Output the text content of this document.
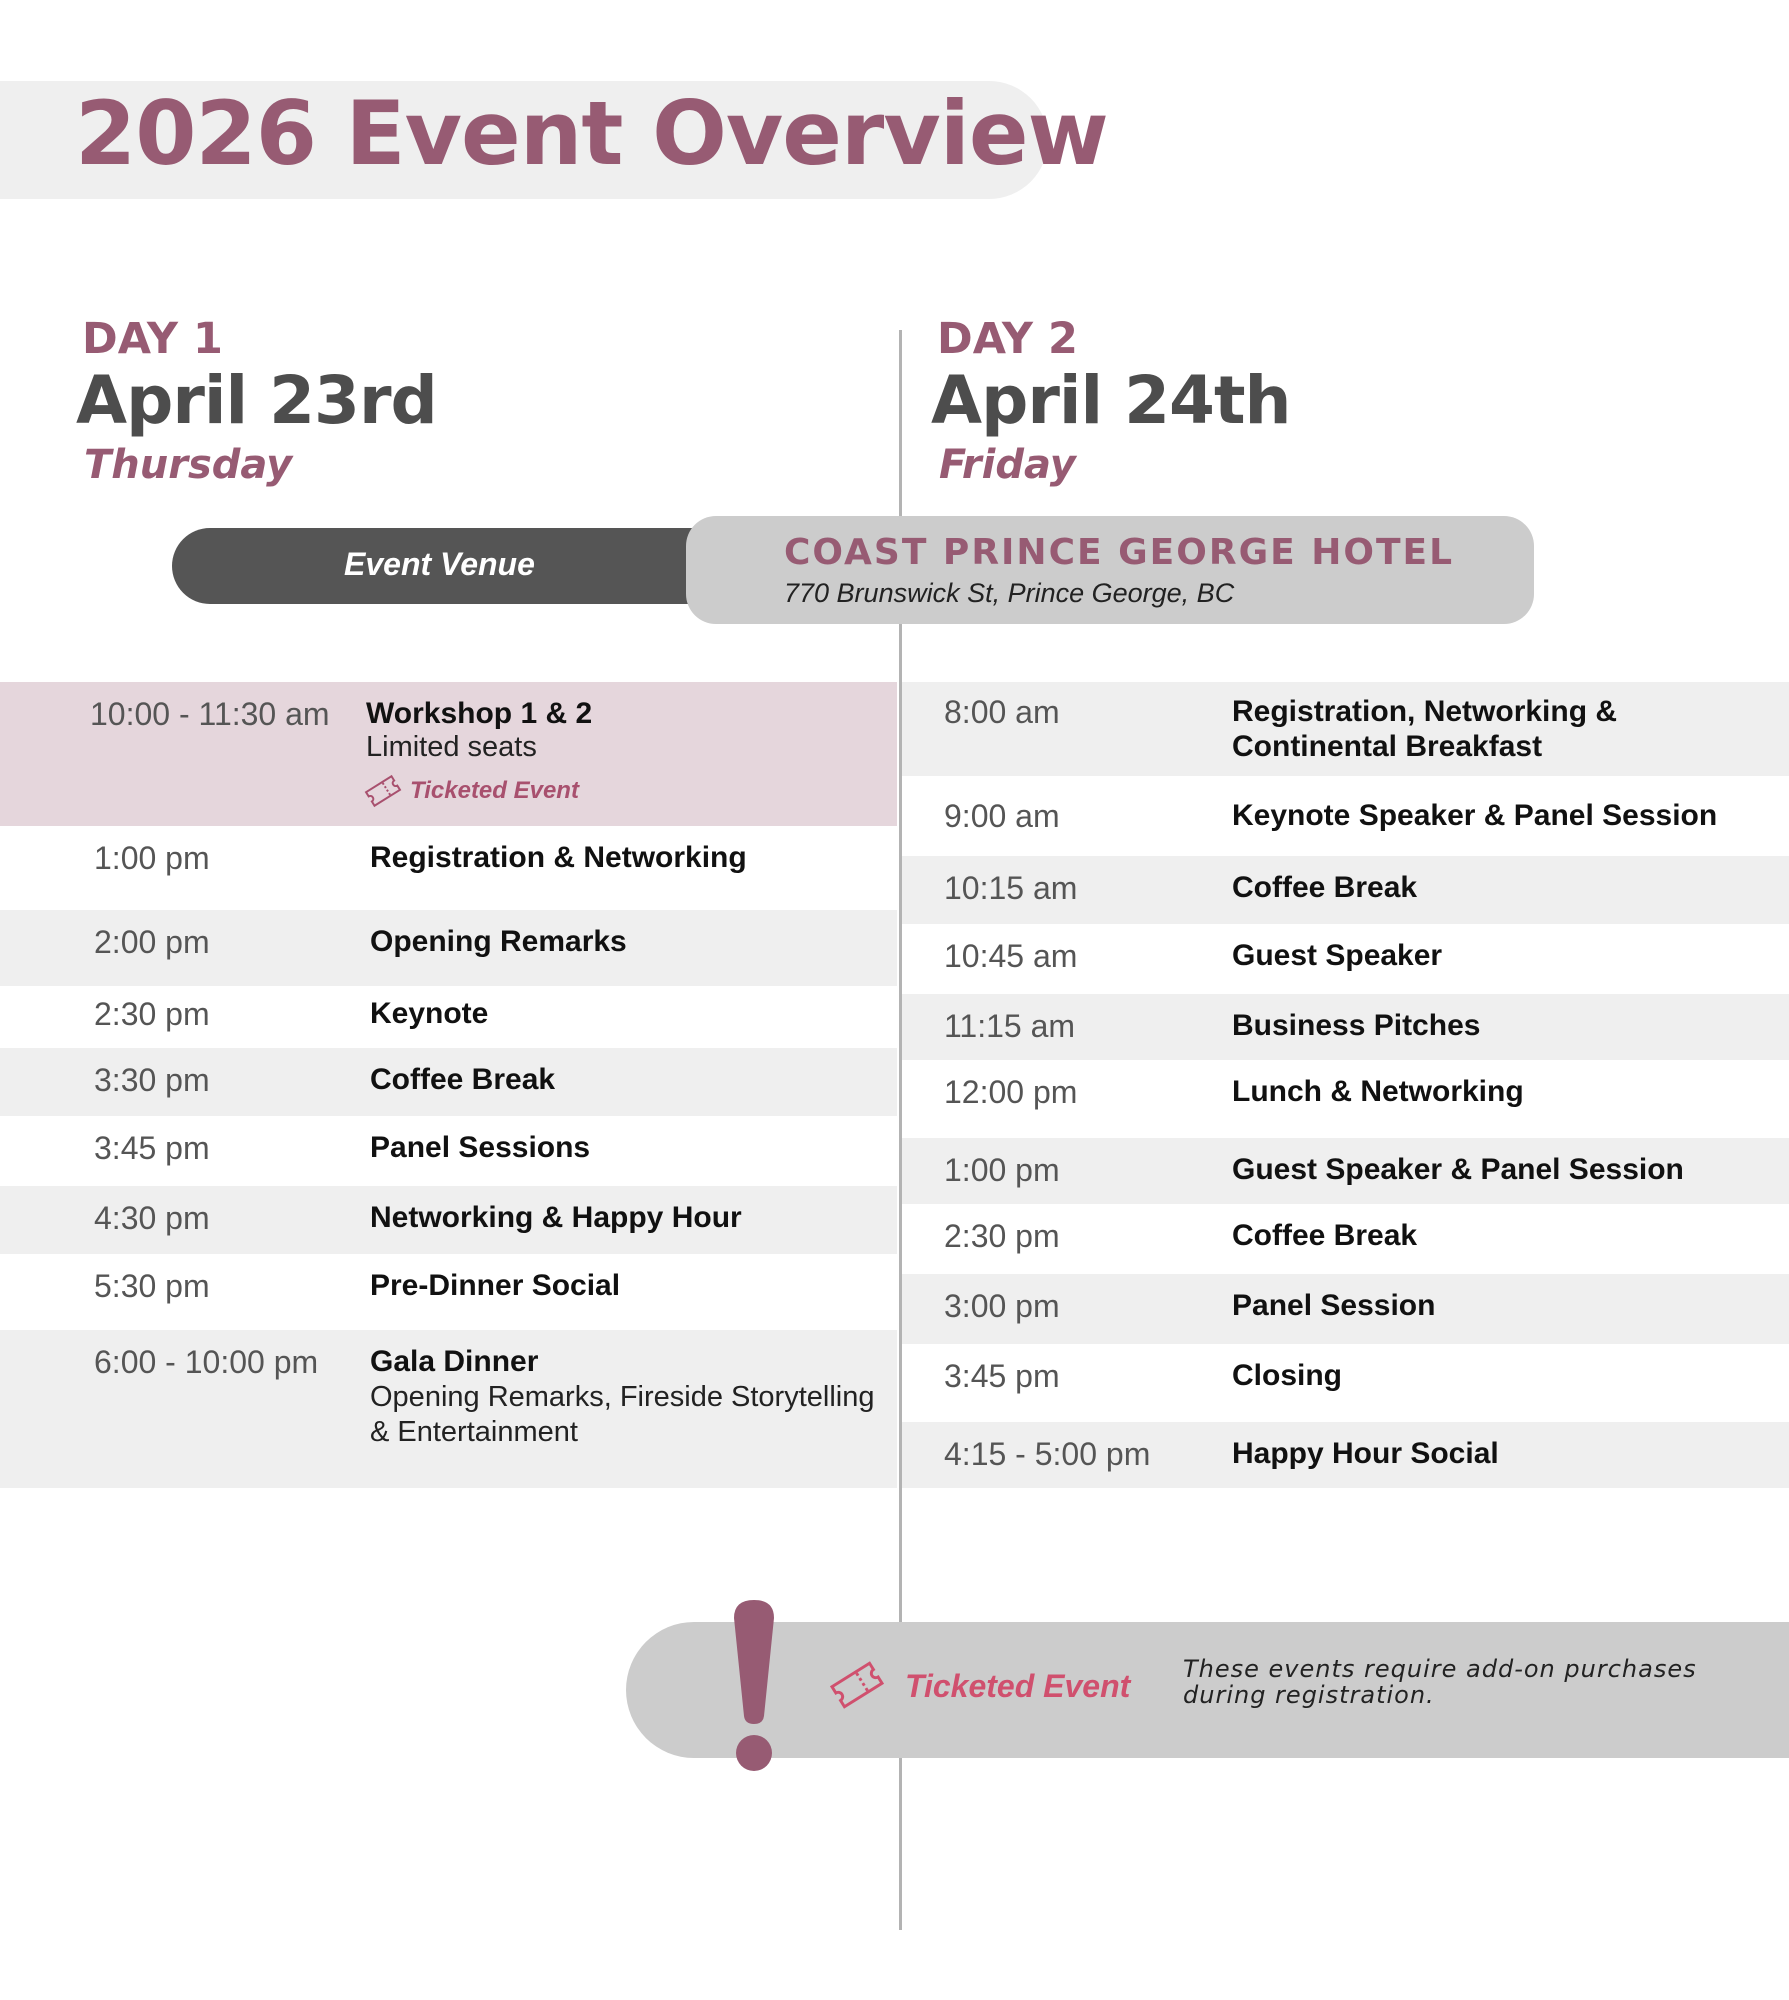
2026 Event Overview
DAY 1
April 23rd
Thursday
DAY 2
April 24th
Friday
Event Venue	COAST PRINCE GEORGE HOTEL
770 Brunswick St, Prince George, BC
10:00 - 11:30 am Workshop 1 & 2
Limited seats
Ticketed Event
1:00 pm	Registration & Networking
2:00 pm	Opening Remarks
2:30 pm	Keynote
3:30 pm	Coffee Break
3:45 pm	Panel Sessions
4:30 pm	Networking & Happy Hour
5:30 pm	Pre-Dinner Social
6:00 - 10:00 pm Gala Dinner
Opening Remarks, Fireside Storytelling
& Entertainment
8:00 am	Registration, Networking &
Continental Breakfast
9:00 am	Keynote Speaker & Panel Session
10:15 am	Coffee Break
10:45 am	Guest Speaker
11:15 am	Business Pitches
12:00 pm	Lunch & Networking
1:00 pm	Guest Speaker & Panel Session
2:30 pm	Coffee Break
3:00 pm	Panel Session
3:45 pm	Closing
4:15 - 5:00 pm	Happy Hour Social
Ticketed Event These events require add-on purchases
during registration.
